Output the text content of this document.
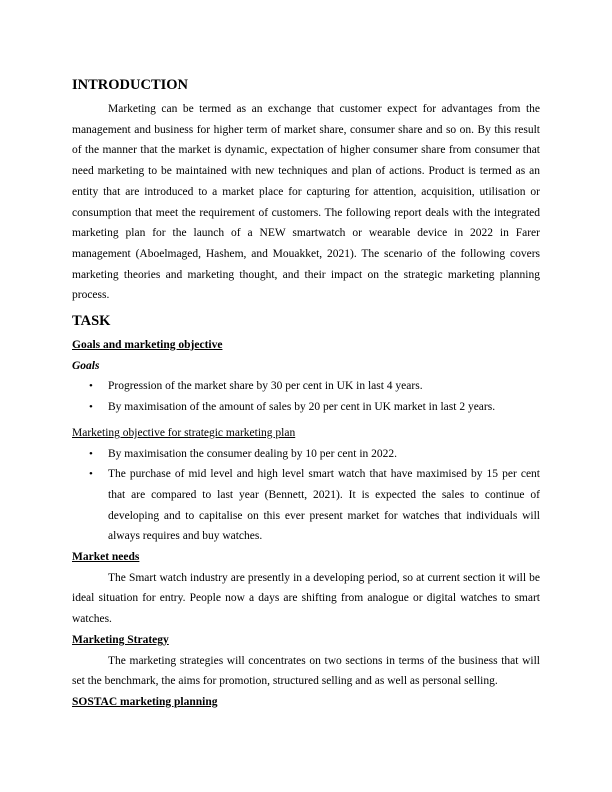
INTRODUCTION

Marketing can be termed as an exchange that customer expect for advantages from the management and business for higher term of market share, consumer share and so on. By this result of the manner that the market is dynamic, expectation of higher consumer share from consumer that need marketing to be maintained with new techniques and plan of actions. Product is termed as an entity that are introduced to a market place for capturing for attention, acquisition, utilisation or consumption that meet the requirement of customers. The following report deals with the integrated marketing plan for the launch of a NEW smartwatch or wearable device in 2022 in Farer management (Aboelmaged, Hashem, and Mouakket, 2021). The scenario of the following covers marketing theories and marketing thought, and their impact on the strategic marketing planning process.

TASK
Goals and marketing objective
Goals
• Progression of the market share by 30 per cent in UK in last 4 years.
• By maximisation of the amount of sales by 20 per cent in UK market in last 2 years.
Marketing objective for strategic marketing plan
• By maximisation the consumer dealing by 10 per cent in 2022.
• The purchase of mid level and high level smart watch that have maximised by 15 per cent that are compared to last year (Bennett, 2021). It is expected the sales to continue of developing and to capitalise on this ever present market for watches that individuals will always requires and buy watches.
Market needs

The Smart watch industry are presently in a developing period, so at current section it will be ideal situation for entry. People now a days are shifting from analogue or digital watches to smart watches.

Marketing Strategy

The marketing strategies will concentrates on two sections in terms of the business that will set the benchmark, the aims for promotion, structured selling and as well as personal selling.

SOSTAC marketing planning
